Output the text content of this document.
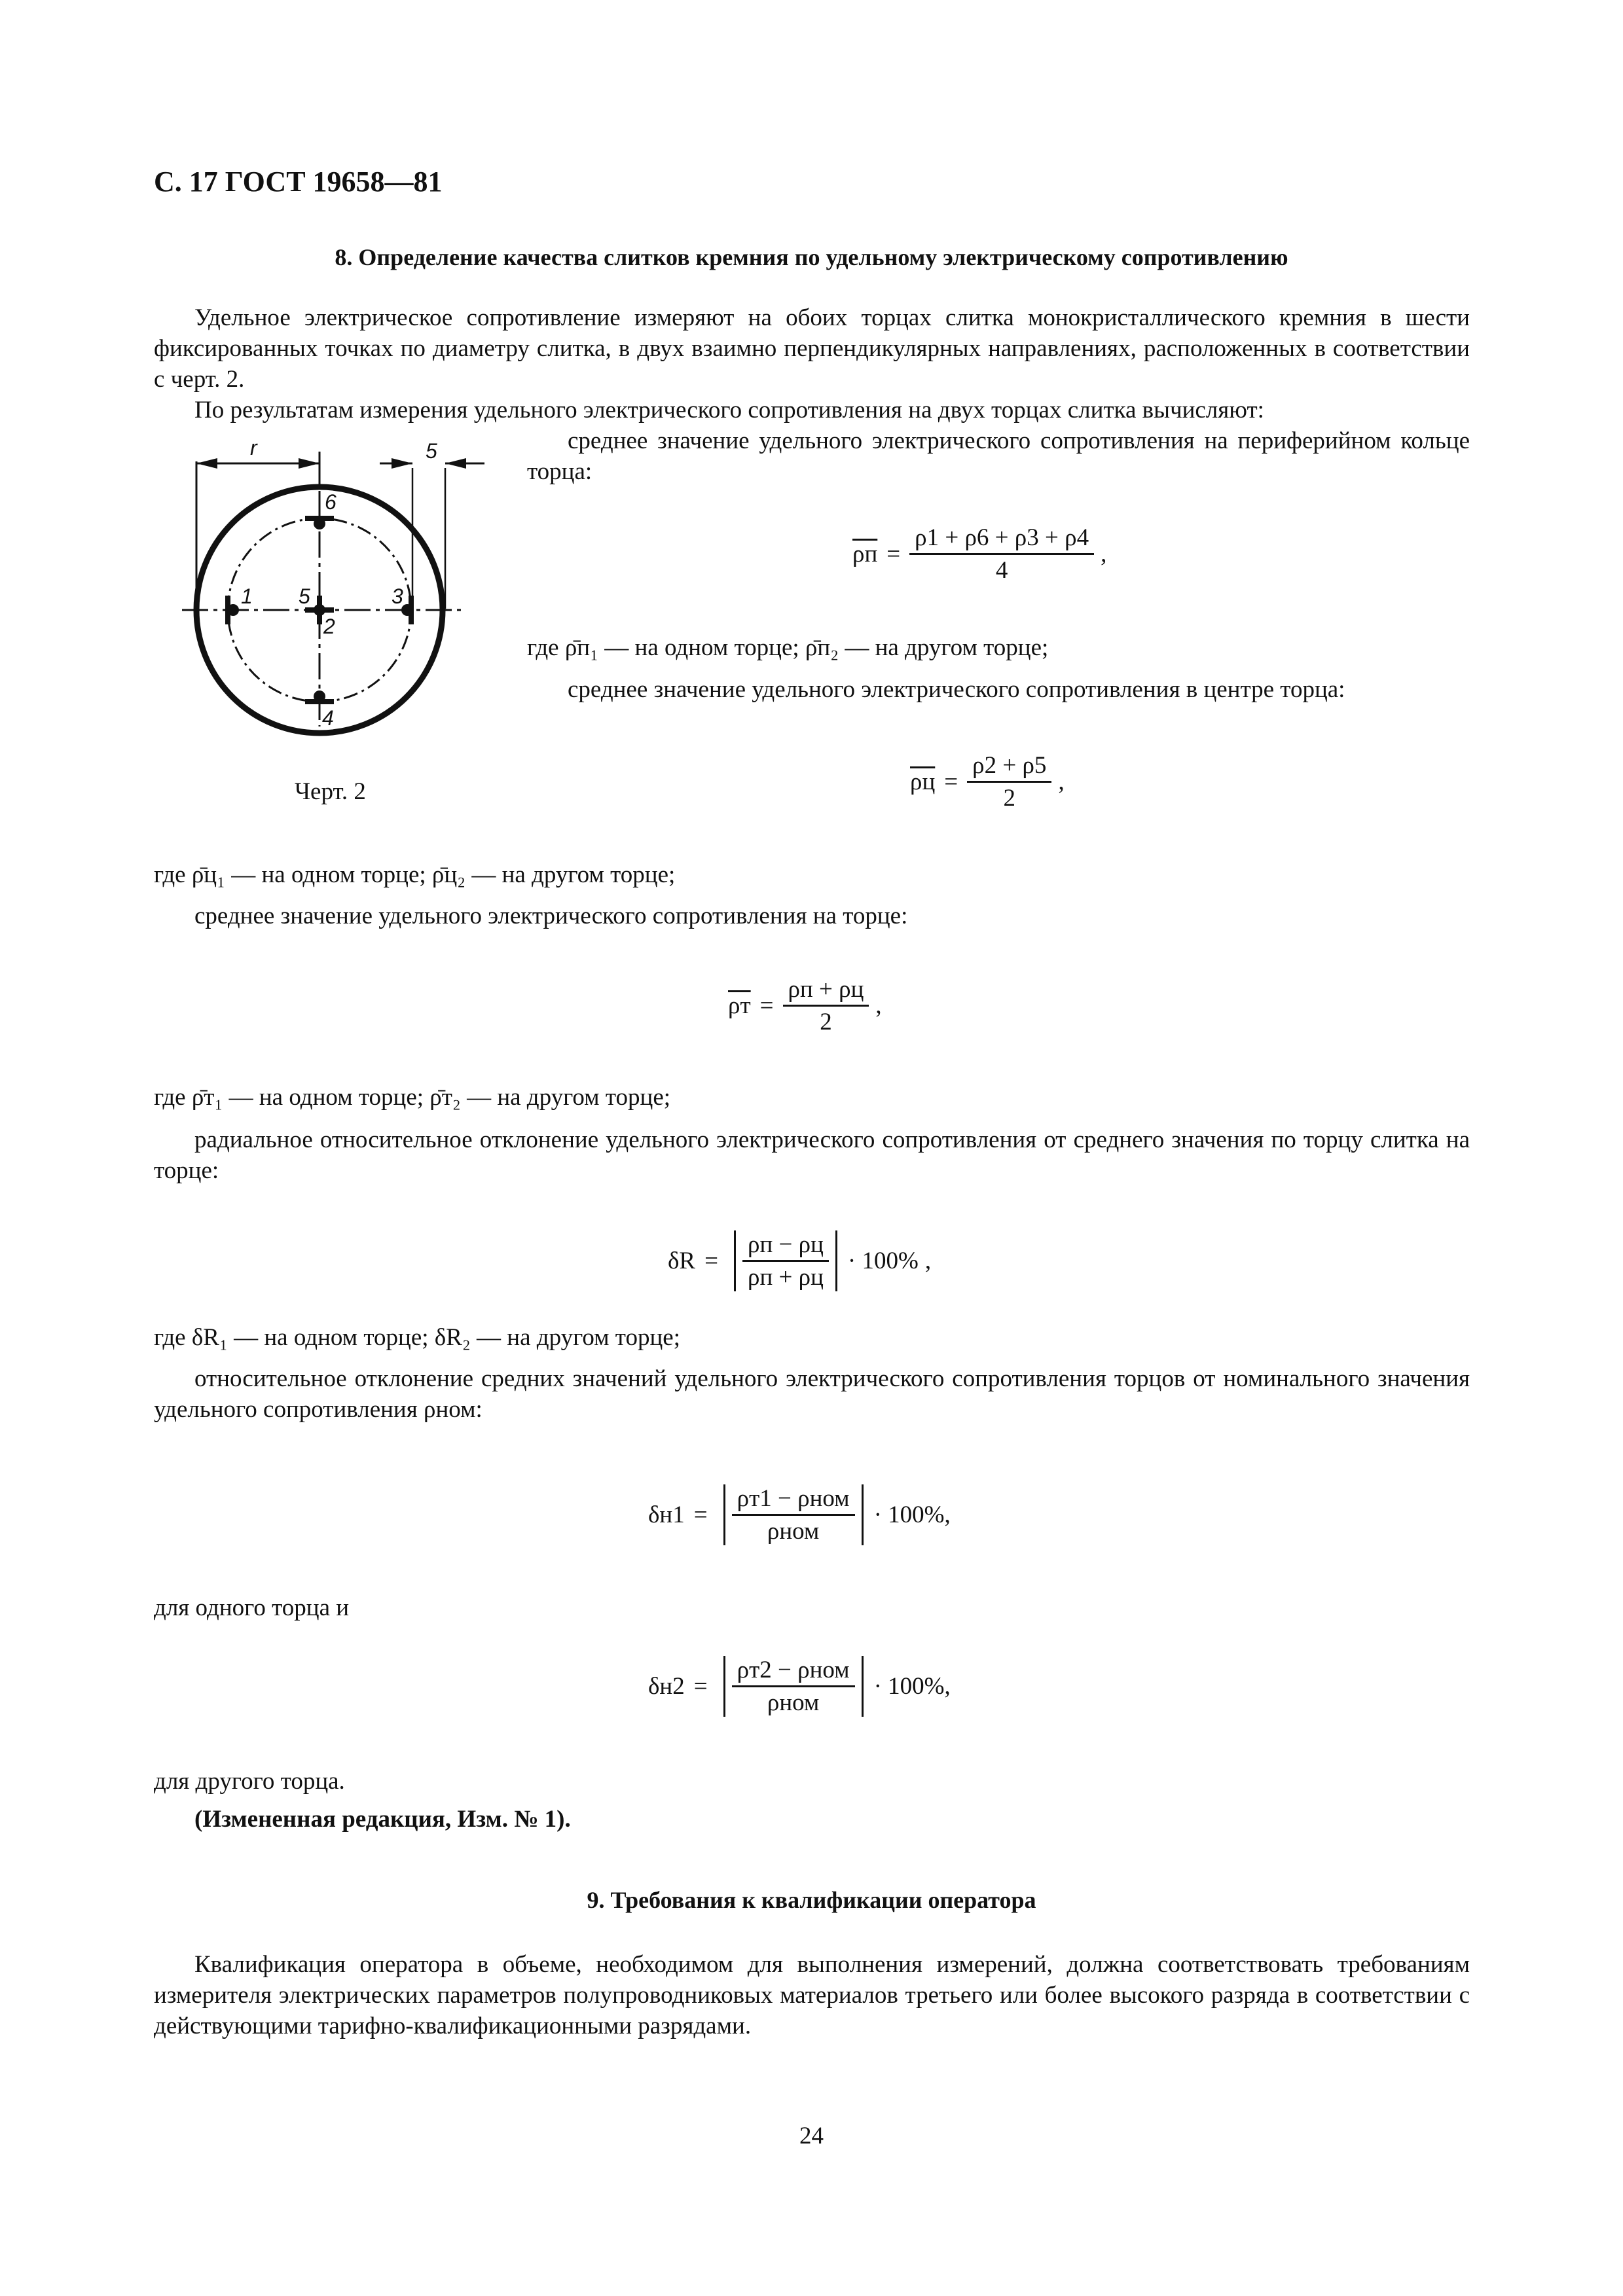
С. 17 ГОСТ 19658—81
8. Определение качества слитков кремния по удельному электрическому сопротивлению
Удельное электрическое сопротивление измеряют на обоих торцах слитка монокристаллического кремния в шести фиксированных точках по диаметру слитка, в двух взаимно перпендикулярных направлениях, расположенных в соответствии с черт. 2.
По результатам измерения удельного электрического сопротивления на двух торцах слитка вычисляют:
r	5
1
2
3
4
5
6
Черт. 2
среднее значение удельного электрического сопротивления на периферийном кольце торца:
$\rho п = \frac{\rho 1 + \rho 6 + \rho 3 + \rho 4}{4}$ ,
где ρ̄п₁ — на одном торце; ρ̄п₂ — на другом торце;
среднее значение удельного электрического сопротивления в центре торца:
$\rho ц = \frac{\rho 2 + \rho 5}{2}$ ,
где ρ̄ц₁ — на одном торце; ρ̄ц₂ — на другом торце;
среднее значение удельного электрического сопротивления на торце:
$\rho т = \frac{\rho п + \rho ц}{2}$ ,
где ρ̄т₁ — на одном торце; ρ̄т₂ — на другом торце;
радиальное относительное отклонение удельного электрического сопротивления от среднего значения по торцу слитка на торце:
$\delta R = \frac{\rho п - \rho ц}{\rho п + \rho ц} \cdot 100\%$ ,
где δR₁ — на одном торце; δR₂ — на другом торце;
относительное отклонение средних значений удельного электрического сопротивления торцов от номинального значения удельного сопротивления ρном:
$\delta н1 = \frac{\text{ρт1 − ρном}}{\text{ρном}} \cdot 100\%$ ,
для одного торца и
$\delta н2 = \frac{\text{ρт2 − ρном}}{\text{ρном}} \cdot 100\%$ ,
для другого торца.
(Измененная редакция, Изм. № 1).
9. Требования к квалификации оператора
Квалификация оператора в объеме, необходимом для выполнения измерений, должна соответствовать требованиям измерителя электрических параметров полупроводниковых материалов третьего или более высокого разряда в соответствии с действующими тарифно-квалификационными разрядами.
24
